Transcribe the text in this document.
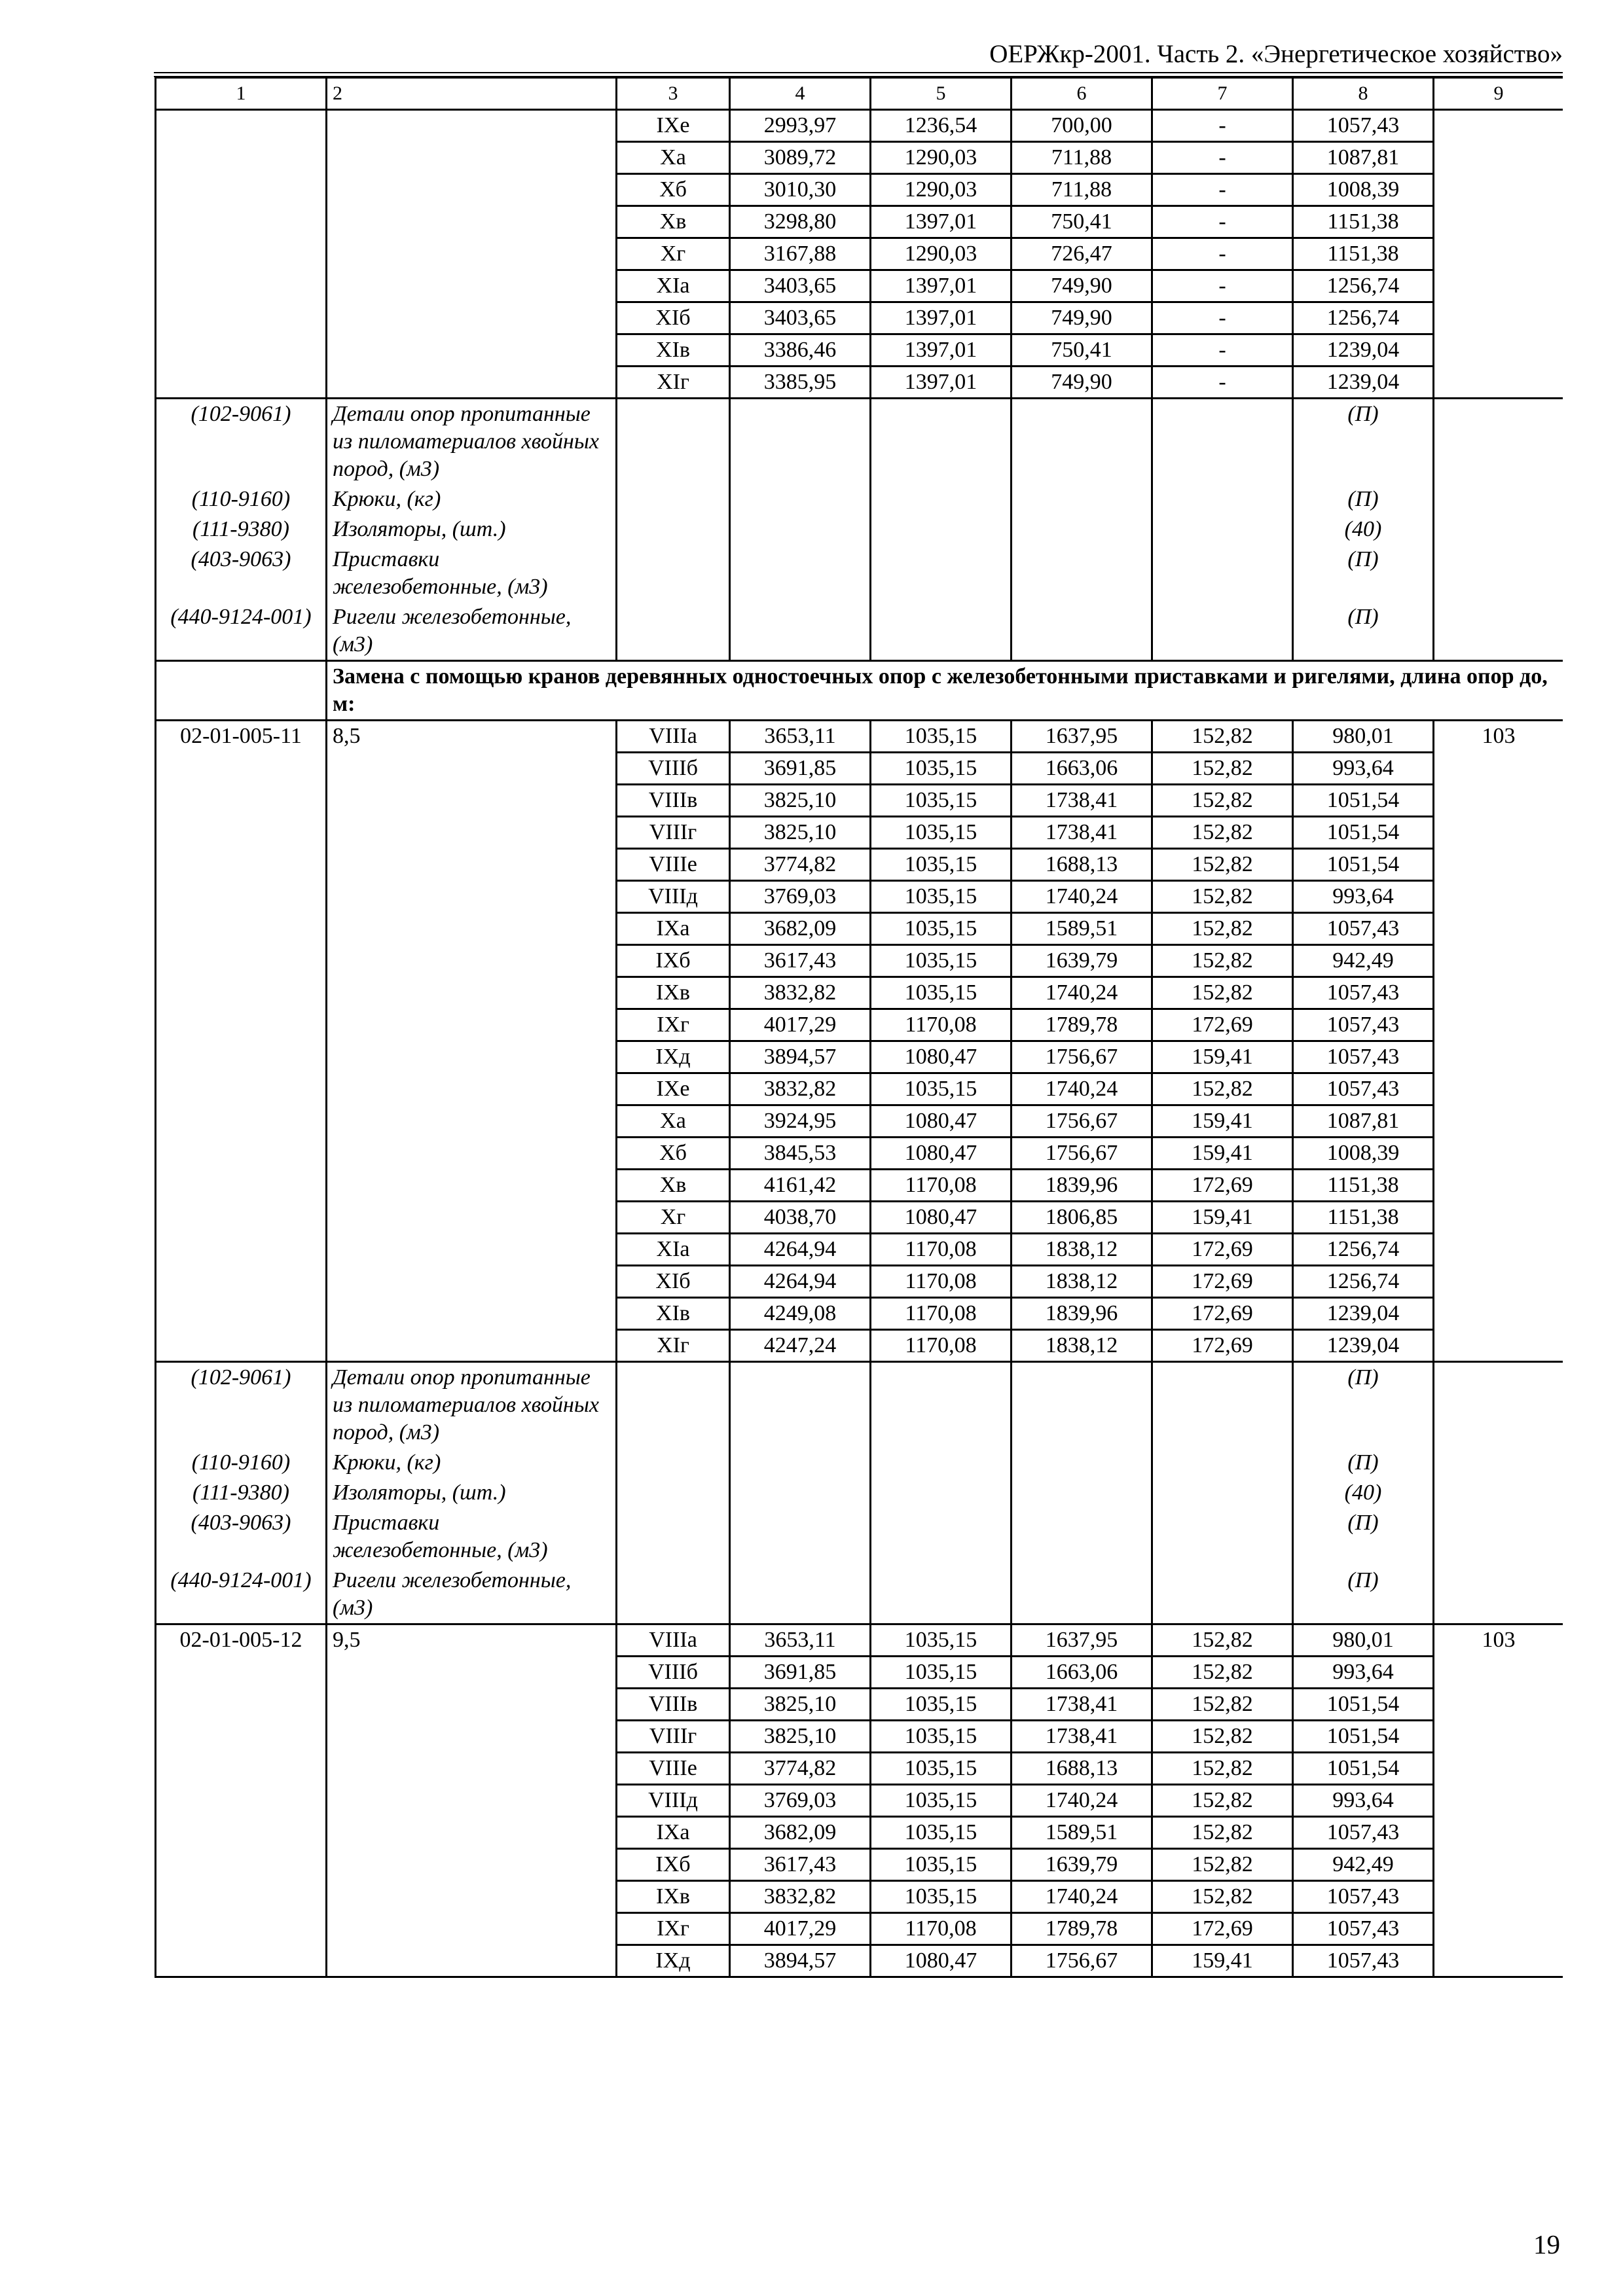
ОЕРЖкр-2001. Часть 2. «Энергетическое хозяйство»
1	2	3	4	5	6	7	8	9
		IXе	2993,97	1236,54	700,00	-	1057,43	
		Xа	3089,72	1290,03	711,88	-	1087,81	
		Xб	3010,30	1290,03	711,88	-	1008,39	
		Xв	3298,80	1397,01	750,41	-	1151,38	
		Xг	3167,88	1290,03	726,47	-	1151,38	
		XIа	3403,65	1397,01	749,90	-	1256,74	
		XIб	3403,65	1397,01	749,90	-	1256,74	
		XIв	3386,46	1397,01	750,41	-	1239,04	
		XIг	3385,95	1397,01	749,90	-	1239,04	
(102-9061)	Детали опор пропитанные из пиломатериалов хвойных пород, (м3)						(П)	
(110-9160)	Крюки, (кг)						(П)	
(111-9380)	Изоляторы, (шт.)						(40)	
(403-9063)	Приставки железобетонные, (м3)						(П)	
(440-9124-001)	Ригели железобетонные, (м3)						(П)	
	Замена с помощью кранов деревянных одностоечных опор с железобетонными приставками и ригелями, длина опор до, м:							
02-01-005-11	8,5	VIIIа	3653,11	1035,15	1637,95	152,82	980,01	103
		VIIIб	3691,85	1035,15	1663,06	152,82	993,64	
		VIIIв	3825,10	1035,15	1738,41	152,82	1051,54	
		VIIIг	3825,10	1035,15	1738,41	152,82	1051,54	
		VIIIе	3774,82	1035,15	1688,13	152,82	1051,54	
		VIIIд	3769,03	1035,15	1740,24	152,82	993,64	
		IXа	3682,09	1035,15	1589,51	152,82	1057,43	
		IXб	3617,43	1035,15	1639,79	152,82	942,49	
		IXв	3832,82	1035,15	1740,24	152,82	1057,43	
		IXг	4017,29	1170,08	1789,78	172,69	1057,43	
		IXд	3894,57	1080,47	1756,67	159,41	1057,43	
		IXе	3832,82	1035,15	1740,24	152,82	1057,43	
		Xа	3924,95	1080,47	1756,67	159,41	1087,81	
		Xб	3845,53	1080,47	1756,67	159,41	1008,39	
		Xв	4161,42	1170,08	1839,96	172,69	1151,38	
		Xг	4038,70	1080,47	1806,85	159,41	1151,38	
		XIа	4264,94	1170,08	1838,12	172,69	1256,74	
		XIб	4264,94	1170,08	1838,12	172,69	1256,74	
		XIв	4249,08	1170,08	1839,96	172,69	1239,04	
		XIг	4247,24	1170,08	1838,12	172,69	1239,04	
(102-9061)	Детали опор пропитанные из пиломатериалов хвойных пород, (м3)						(П)	
(110-9160)	Крюки, (кг)						(П)	
(111-9380)	Изоляторы, (шт.)						(40)	
(403-9063)	Приставки железобетонные, (м3)						(П)	
(440-9124-001)	Ригели железобетонные, (м3)						(П)	
02-01-005-12	9,5	VIIIа	3653,11	1035,15	1637,95	152,82	980,01	103
		VIIIб	3691,85	1035,15	1663,06	152,82	993,64	
		VIIIв	3825,10	1035,15	1738,41	152,82	1051,54	
		VIIIг	3825,10	1035,15	1738,41	152,82	1051,54	
		VIIIе	3774,82	1035,15	1688,13	152,82	1051,54	
		VIIIд	3769,03	1035,15	1740,24	152,82	993,64	
		IXа	3682,09	1035,15	1589,51	152,82	1057,43	
		IXб	3617,43	1035,15	1639,79	152,82	942,49	
		IXв	3832,82	1035,15	1740,24	152,82	1057,43	
		IXг	4017,29	1170,08	1789,78	172,69	1057,43	
		IXд	3894,57	1080,47	1756,67	159,41	1057,43	
19
